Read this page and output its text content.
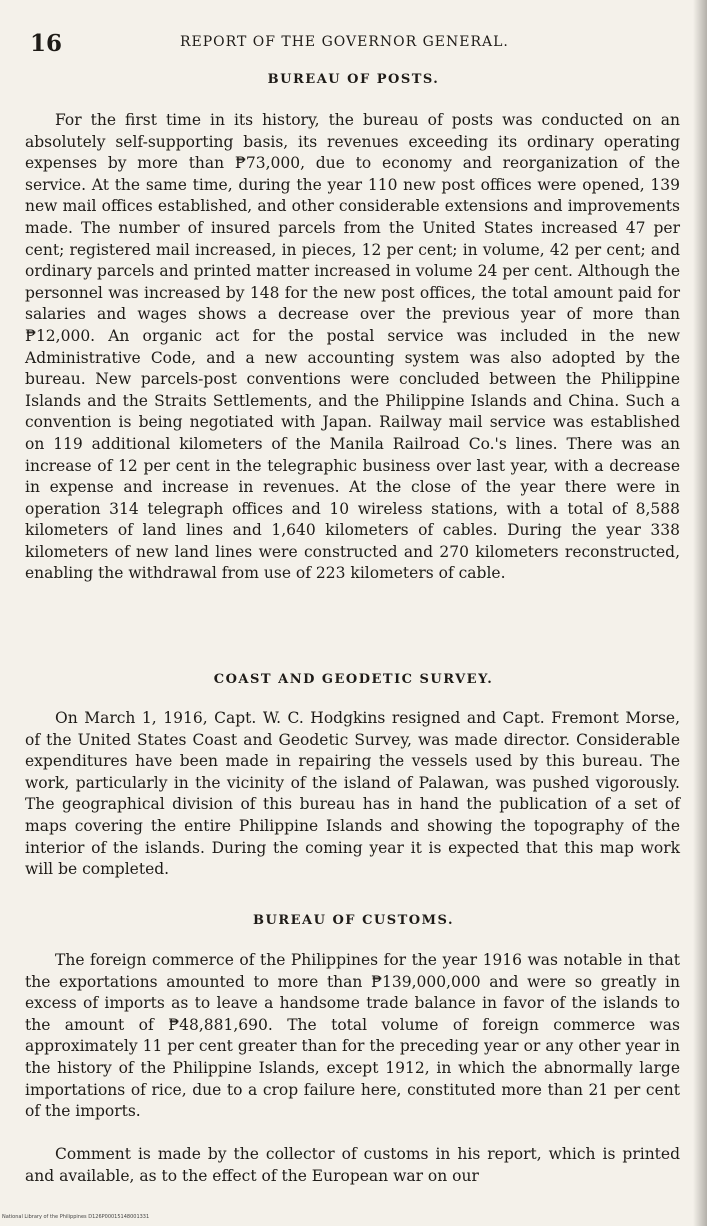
16	REPORT OF THE GOVERNOR GENERAL.
BUREAU OF POSTS.

For the first time in its history, the bureau of posts was conducted on an absolutely self-supporting basis, its revenues exceeding its ordinary operating expenses by more than ₱73,000, due to economy and reorganization of the service. At the same time, during the year 110 new post offices were opened, 139 new mail offices established, and other considerable extensions and improvements made. The number of insured parcels from the United States increased 47 per cent; registered mail increased, in pieces, 12 per cent; in volume, 42 per cent; and ordinary parcels and printed matter increased in volume 24 per cent. Although the personnel was increased by 148 for the new post offices, the total amount paid for salaries and wages shows a decrease over the previous year of more than ₱12,000. An organic act for the postal service was included in the new Administrative Code, and a new accounting system was also adopted by the bureau. New parcels-post conventions were concluded between the Philippine Islands and the Straits Settlements, and the Philippine Islands and China. Such a convention is being negotiated with Japan. Railway mail service was established on 119 additional kilometers of the Manila Railroad Co.'s lines. There was an increase of 12 per cent in the telegraphic business over last year, with a decrease in expense and increase in revenues. At the close of the year there were in operation 314 telegraph offices and 10 wireless stations, with a total of 8,588 kilometers of land lines and 1,640 kilometers of cables. During the year 338 kilometers of new land lines were constructed and 270 kilometers reconstructed, enabling the withdrawal from use of 223 kilometers of cable.

COAST AND GEODETIC SURVEY.

On March 1, 1916, Capt. W. C. Hodgkins resigned and Capt. Fremont Morse, of the United States Coast and Geodetic Survey, was made director. Considerable expenditures have been made in repairing the vessels used by this bureau. The work, particularly in the vicinity of the island of Palawan, was pushed vigorously. The geographical division of this bureau has in hand the publication of a set of maps covering the entire Philippine Islands and showing the topography of the interior of the islands. During the coming year it is expected that this map work will be completed.

BUREAU OF CUSTOMS.

The foreign commerce of the Philippines for the year 1916 was notable in that the exportations amounted to more than ₱139,000,000 and were so greatly in excess of imports as to leave a handsome trade balance in favor of the islands to the amount of ₱48,881,690. The total volume of foreign commerce was approximately 11 per cent greater than for the preceding year or any other year in the history of the Philippine Islands, except 1912, in which the abnormally large importations of rice, due to a crop failure here, constituted more than 21 per cent of the imports.

Comment is made by the collector of customs in his report, which is printed and available, as to the effect of the European war on our

National Library of the Philippines D126P00015148001331
